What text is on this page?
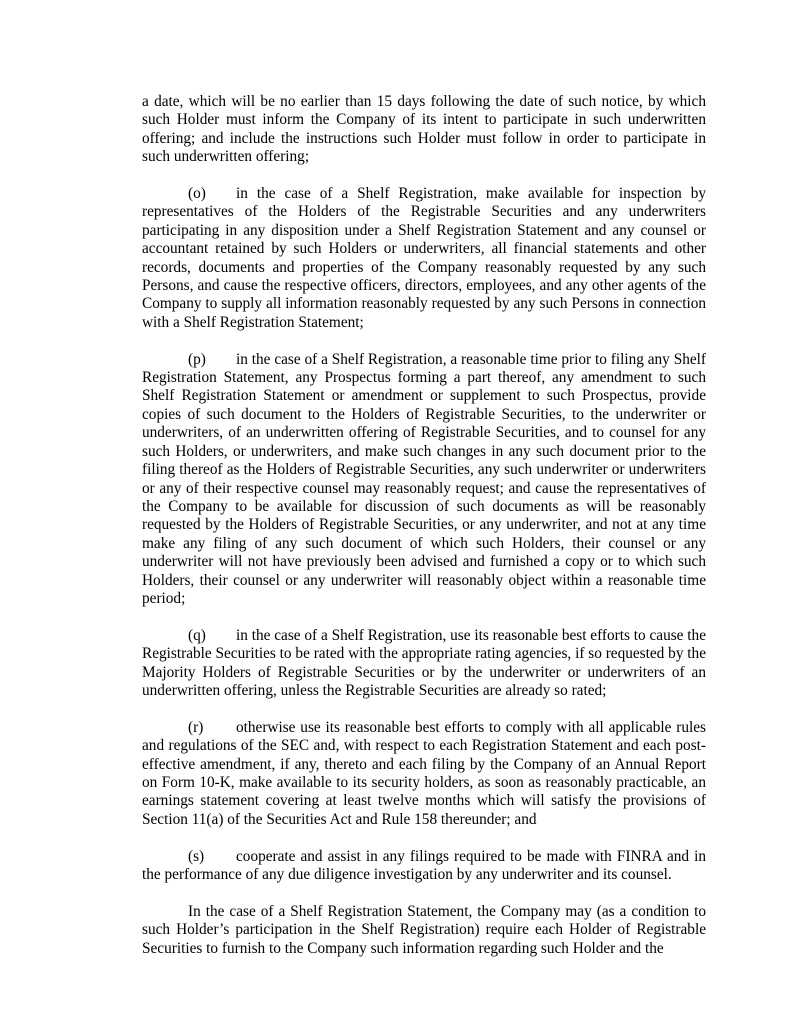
a date, which will be no earlier than 15 days following the date of such notice, by which such Holder must inform the Company of its intent to participate in such underwritten offering; and include the instructions such Holder must follow in order to participate in such underwritten offering;

(o) in the case of a Shelf Registration, make available for inspection by representatives of the Holders of the Registrable Securities and any underwriters participating in any disposition under a Shelf Registration Statement and any counsel or accountant retained by such Holders or underwriters, all financial statements and other records, documents and properties of the Company reasonably requested by any such Persons, and cause the respective officers, directors, employees, and any other agents of the Company to supply all information reasonably requested by any such Persons in connection with a Shelf Registration Statement;

(p) in the case of a Shelf Registration, a reasonable time prior to filing any Shelf Registration Statement, any Prospectus forming a part thereof, any amendment to such Shelf Registration Statement or amendment or supplement to such Prospectus, provide copies of such document to the Holders of Registrable Securities, to the underwriter or underwriters, of an underwritten offering of Registrable Securities, and to counsel for any such Holders, or underwriters, and make such changes in any such document prior to the filing thereof as the Holders of Registrable Securities, any such underwriter or underwriters or any of their respective counsel may reasonably request; and cause the representatives of the Company to be available for discussion of such documents as will be reasonably requested by the Holders of Registrable Securities, or any underwriter, and not at any time make any filing of any such document of which such Holders, their counsel or any underwriter will not have previously been advised and furnished a copy or to which such Holders, their counsel or any underwriter will reasonably object within a reasonable time period;

(q) in the case of a Shelf Registration, use its reasonable best efforts to cause the Registrable Securities to be rated with the appropriate rating agencies, if so requested by the Majority Holders of Registrable Securities or by the underwriter or underwriters of an underwritten offering, unless the Registrable Securities are already so rated;

(r) otherwise use its reasonable best efforts to comply with all applicable rules and regulations of the SEC and, with respect to each Registration Statement and each post-effective amendment, if any, thereto and each filing by the Company of an Annual Report on Form 10-K, make available to its security holders, as soon as reasonably practicable, an earnings statement covering at least twelve months which will satisfy the provisions of Section 11(a) of the Securities Act and Rule 158 thereunder; and

(s) cooperate and assist in any filings required to be made with FINRA and in the performance of any due diligence investigation by any underwriter and its counsel.

In the case of a Shelf Registration Statement, the Company may (as a condition to such Holder’s participation in the Shelf Registration) require each Holder of Registrable Securities to furnish to the Company such information regarding such Holder and the
